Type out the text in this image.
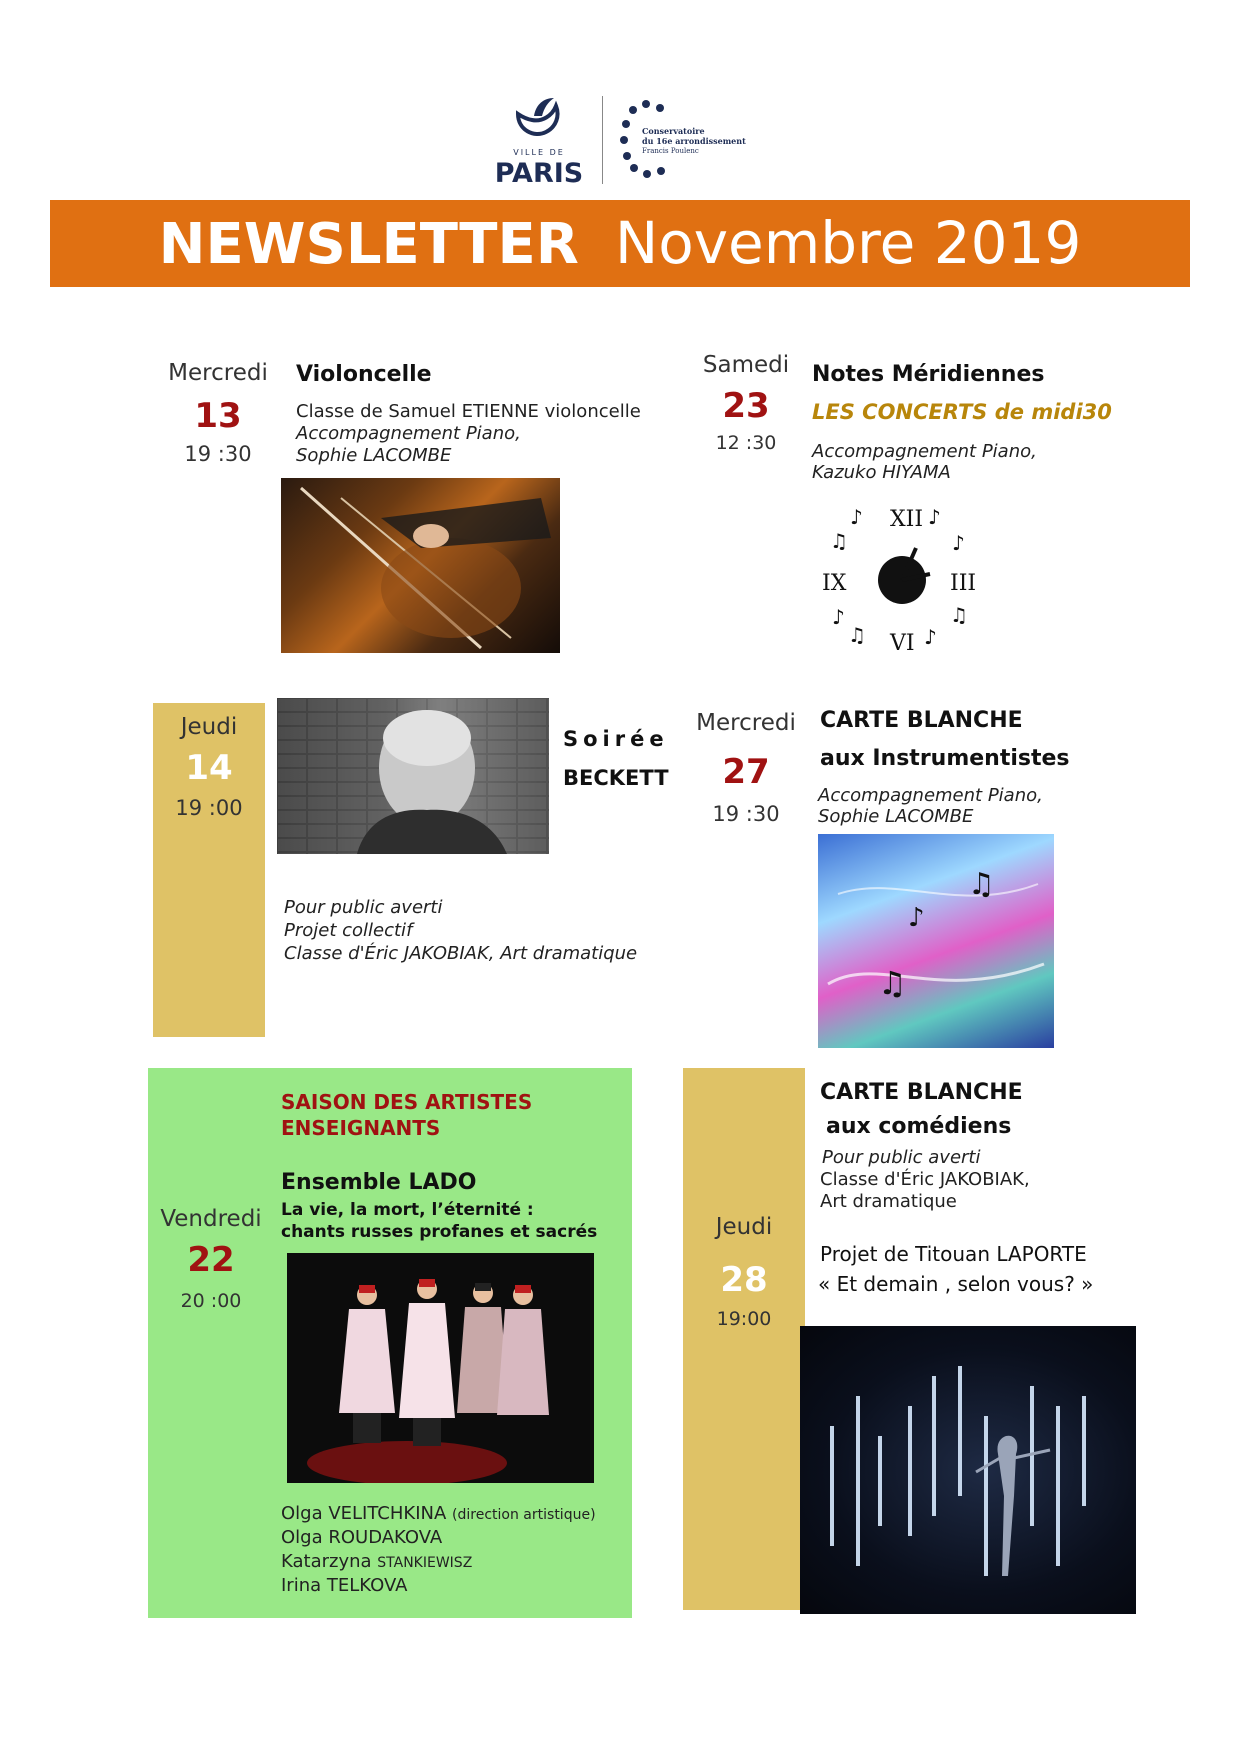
VILLE DE
PARIS
Conservatoire
du 16e arrondissement
Francis Poulenc
NEWSLETTER Novembre 2019
Mercredi
13
19 :30
Violoncelle
Classe de Samuel ETIENNE violoncelle
Accompagnement Piano,
Sophie LACOMBE
Samedi
23
12 :30
Notes Méridiennes
LES CONCERTS de midi30
Accompagnement Piano,
Kazuko HIYAMA
XII
III
VI
IX
♪	♪
♫	♪
♪
♫	♪
♫
Jeudi
14
19 :00
Soirée
BECKETT
Pour public averti
Projet collectif
Classe d'Éric JAKOBIAK, Art dramatique
Mercredi
27
19 :30
CARTE BLANCHE
aux Instrumentistes
Accompagnement Piano,
Sophie LACOMBE
♫
♪
♫
Vendredi
22
20 :00
SAISON DES ARTISTES
ENSEIGNANTS
Ensemble LADO
La vie, la mort, l’éternité :
chants russes profanes et sacrés
Olga VELITCHKINA (direction artistique)
Olga ROUDAKOVA
Katarzyna STANKIEWISZ
Irina TELKOVA
Jeudi
28
19:00
CARTE BLANCHE
aux comédiens
Pour public averti
Classe d'Éric JAKOBIAK,
Art dramatique
Projet de Titouan LAPORTE
« Et demain , selon vous? »
